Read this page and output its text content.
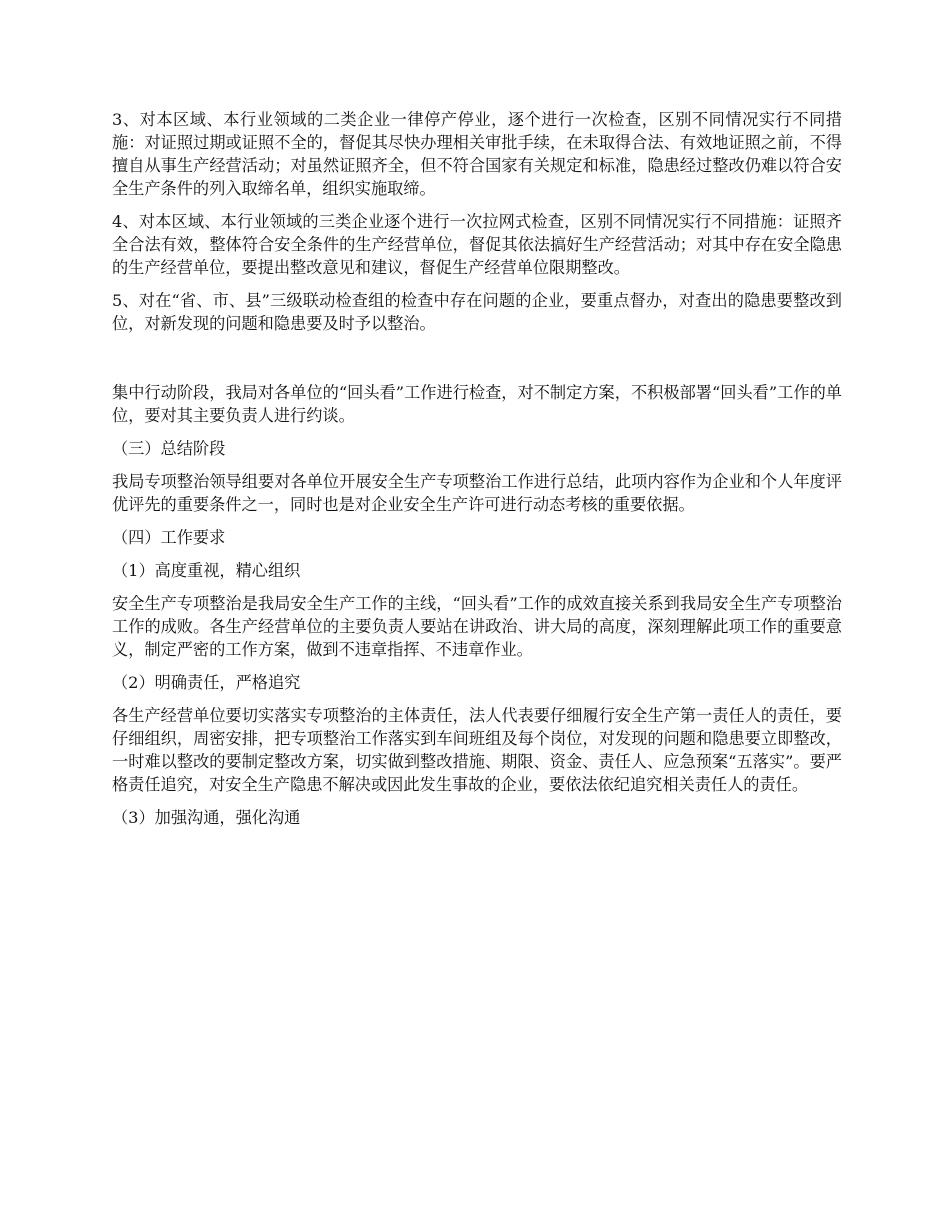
3、对本区域、本行业领域的二类企业一律停产停业，逐个进行一次检查，区别不同情况实行不同措施：对证照过期或证照不全的，督促其尽快办理相关审批手续，在未取得合法、有效地证照之前，不得擅自从事生产经营活动；对虽然证照齐全，但不符合国家有关规定和标准，隐患经过整改仍难以符合安全生产条件的列入取缔名单，组织实施取缔。

4、对本区域、本行业领域的三类企业逐个进行一次拉网式检查，区别不同情况实行不同措施：证照齐全合法有效，整体符合安全条件的生产经营单位，督促其依法搞好生产经营活动；对其中存在安全隐患的生产经营单位，要提出整改意见和建议，督促生产经营单位限期整改。

5、对在“省、市、县”三级联动检查组的检查中存在问题的企业，要重点督办，对查出的隐患要整改到位，对新发现的问题和隐患要及时予以整治。

集中行动阶段，我局对各单位的“回头看”工作进行检查，对不制定方案，不积极部署“回头看”工作的单位，要对其主要负责人进行约谈。

（三）总结阶段

我局专项整治领导组要对各单位开展安全生产专项整治工作进行总结，此项内容作为企业和个人年度评优评先的重要条件之一，同时也是对企业安全生产许可进行动态考核的重要依据。

（四）工作要求

（1）高度重视，精心组织

安全生产专项整治是我局安全生产工作的主线，“回头看”工作的成效直接关系到我局安全生产专项整治工作的成败。各生产经营单位的主要负责人要站在讲政治、讲大局的高度，深刻理解此项工作的重要意义，制定严密的工作方案，做到不违章指挥、不违章作业。

（2）明确责任，严格追究

各生产经营单位要切实落实专项整治的主体责任，法人代表要仔细履行安全生产第一责任人的责任，要仔细组织，周密安排，把专项整治工作落实到车间班组及每个岗位，对发现的问题和隐患要立即整改，一时难以整改的要制定整改方案，切实做到整改措施、期限、资金、责任人、应急预案“五落实”。要严格责任追究，对安全生产隐患不解决或因此发生事故的企业，要依法依纪追究相关责任人的责任。

（3）加强沟通，强化沟通
